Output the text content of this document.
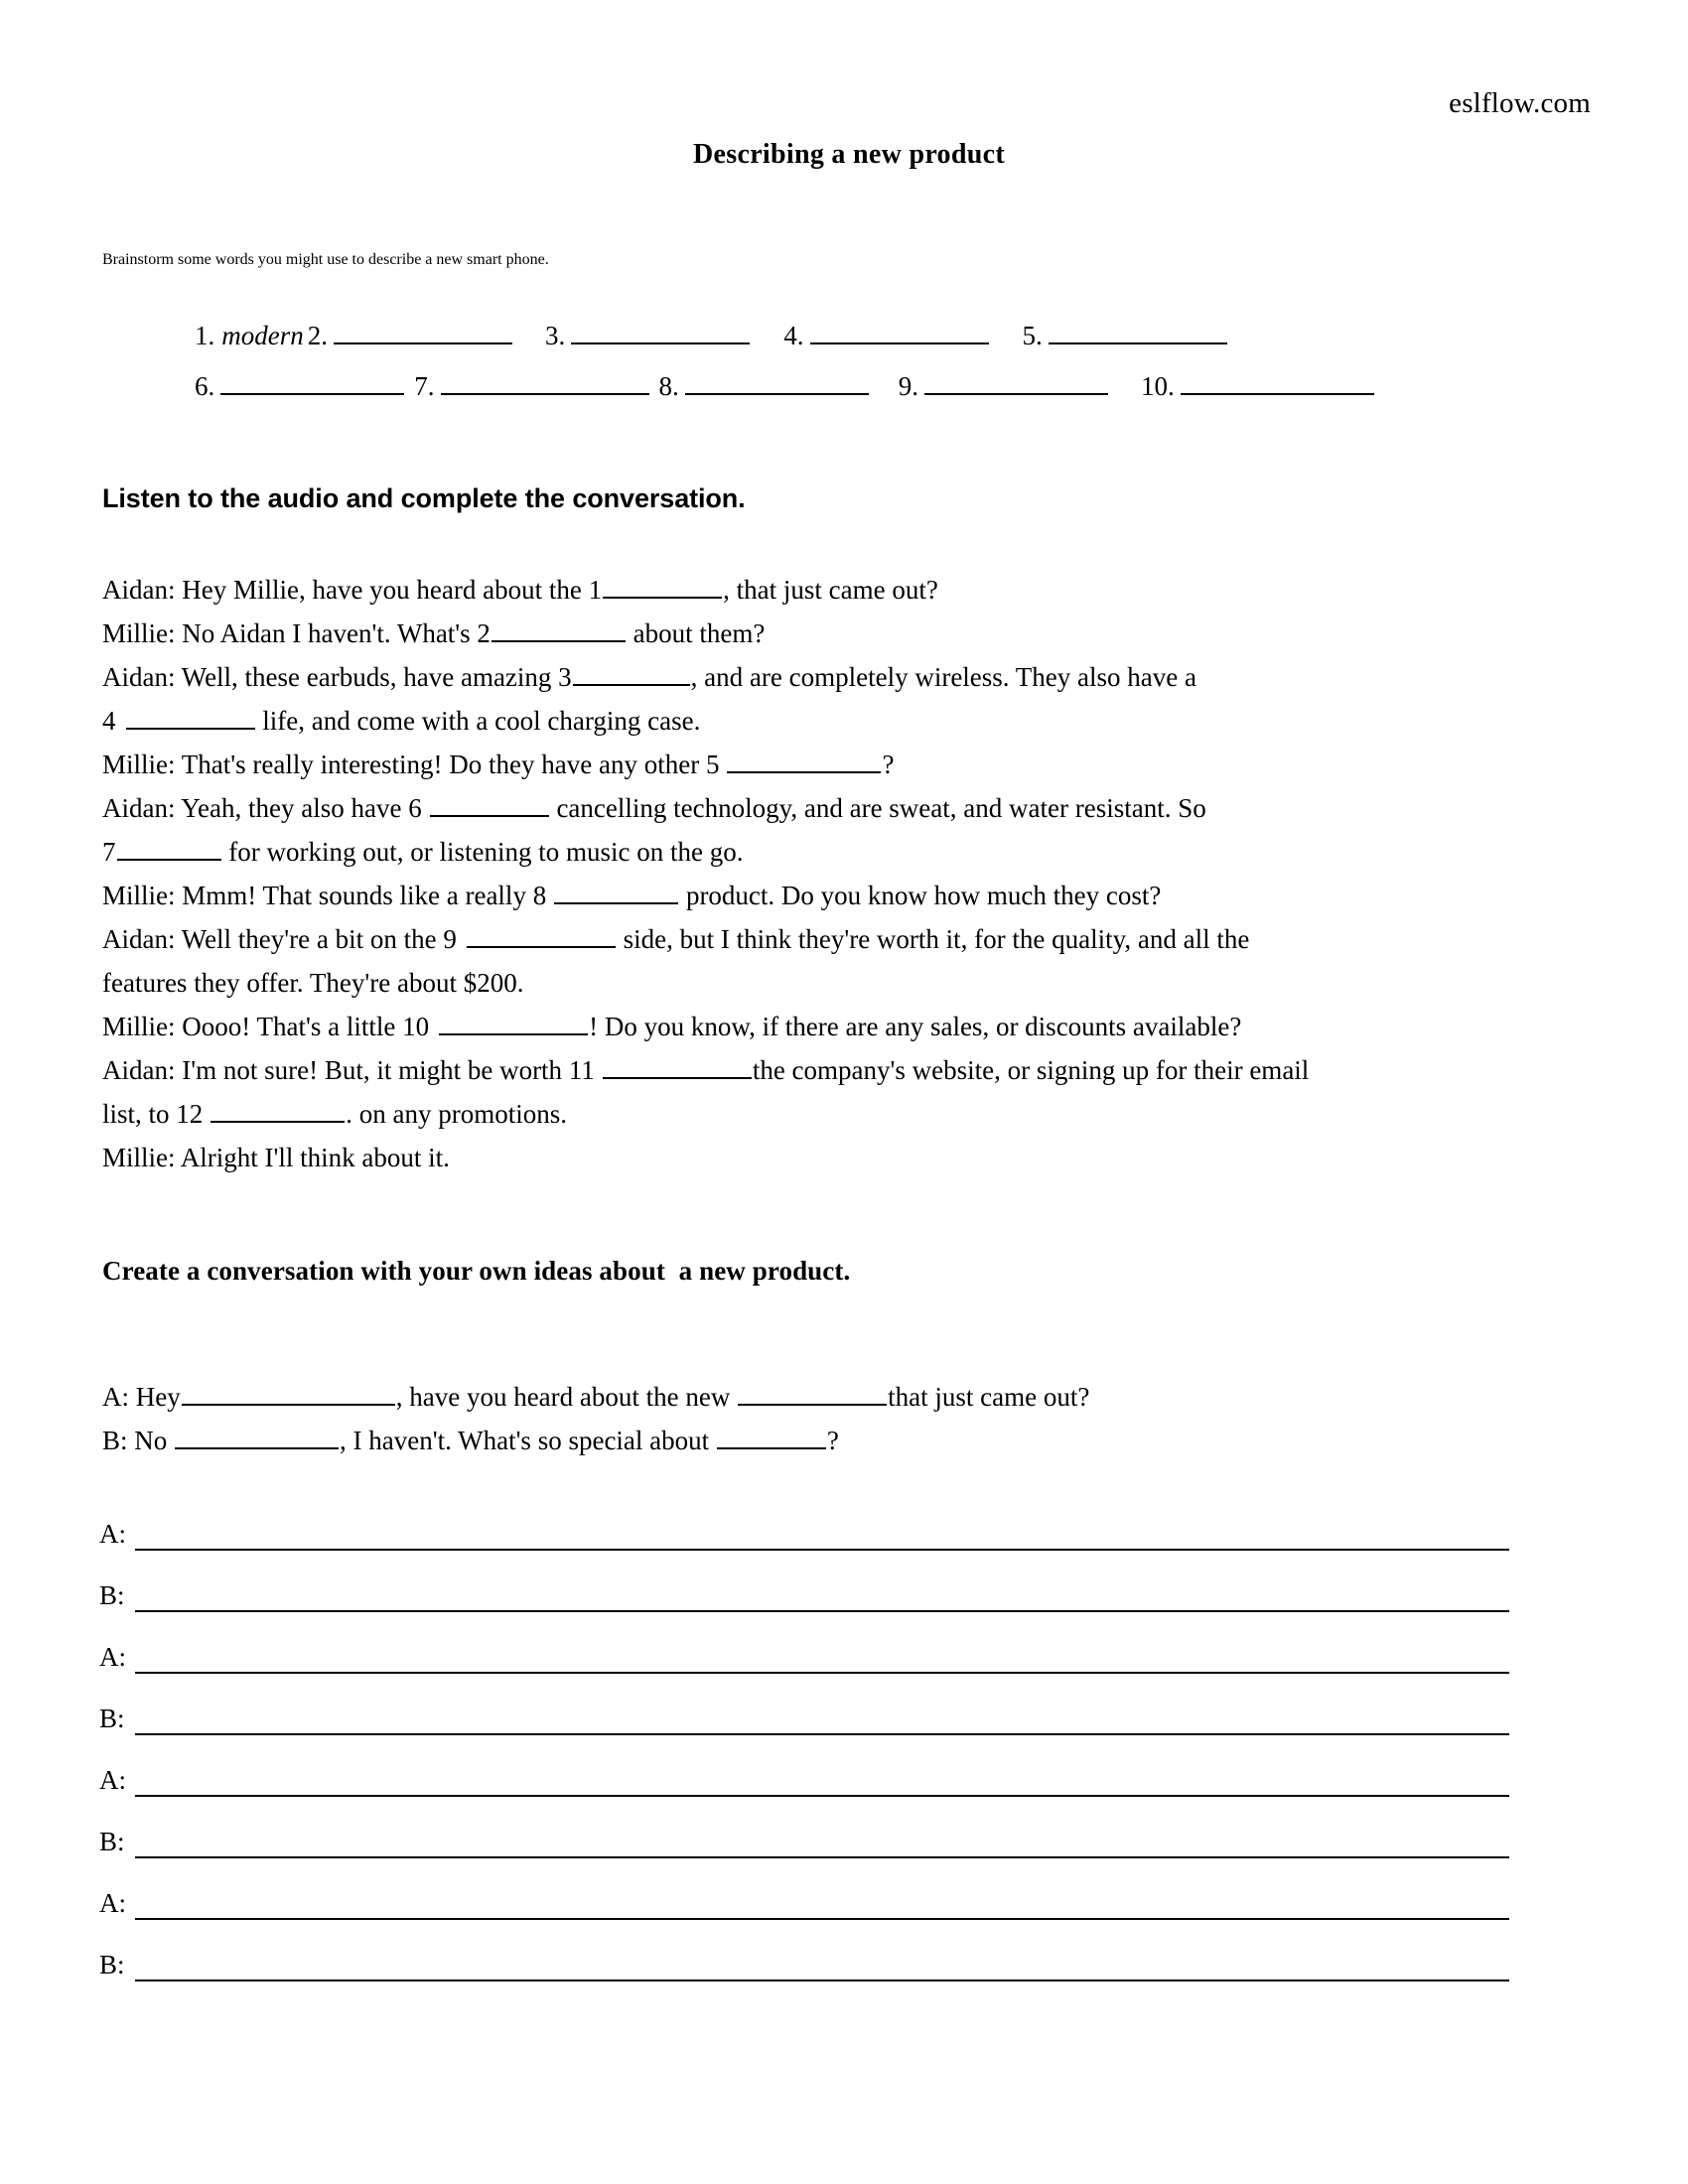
eslflow.com
Describing a new product
Brainstorm some words you might use to describe a new smart phone.
1. modern 2.	3.	4.	5.
6.	7.	8.	9.	10.
Listen to the audio and complete the conversation.
Aidan: Hey Millie, have you heard about the 1	, that just came out?
Millie: No Aidan I haven't. What's 2	about them?
Aidan: Well, these earbuds, have amazing 3	, and are completely wireless. They also have a
4	life, and come with a cool charging case.
Millie: That's really interesting! Do they have any other 5	?
Aidan: Yeah, they also have 6	cancelling technology, and are sweat, and water resistant. So
7	for working out, or listening to music on the go.
Millie: Mmm! That sounds like a really 8	product. Do you know how much they cost?
Aidan: Well they're a bit on the 9	side, but I think they're worth it, for the quality, and all the
features they offer. They're about $200.
Millie: Oooo! That's a little 10	! Do you know, if there are any sales, or discounts available?
Aidan: I'm not sure! But, it might be worth 11	the company's website, or signing up for their email
list, to 12	. on any promotions.
Millie: Alright I'll think about it.
Create a conversation with your own ideas about  a new product.
A: Hey	, have you heard about the new	that just came out?
B: No	, I haven't. What's so special about	?
A:
B:
A:
B:
A:
B:
A:
B:
